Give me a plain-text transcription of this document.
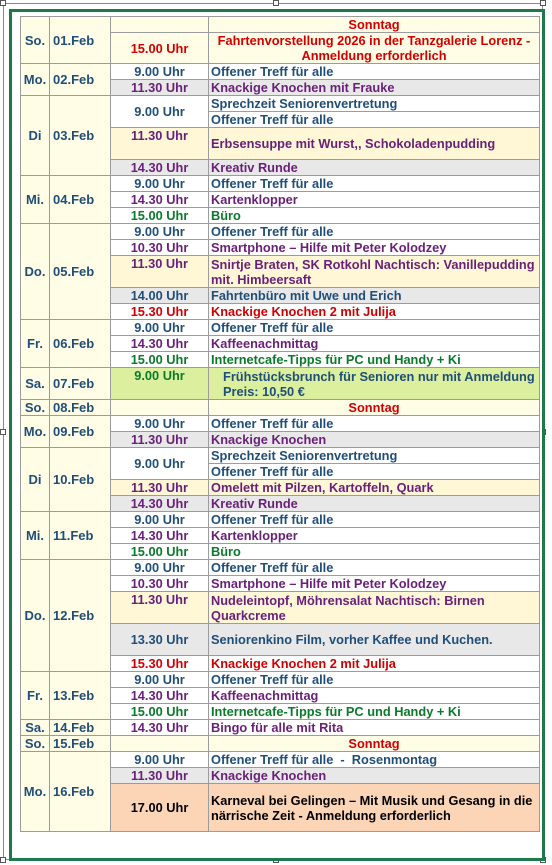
So.	01.Feb		Sonntag
		15.00 Uhr	Fahrtenvorstellung 2026 in der Tanzgalerie Lorenz - Anmeldung erforderlich
Mo.	02.Feb	9.00 Uhr	Offener Treff für alle
		11.30 Uhr	Knackige Knochen mit Frauke
Di	03.Feb	9.00 Uhr	Sprechzeit Seniorenvertretung
			Offener Treff für alle
		11.30 Uhr	Erbsensuppe mit Wurst,, Schokoladenpudding

		14.30 Uhr	Kreativ Runde
Mi.	04.Feb	9.00 Uhr	Offener Treff für alle
		14.30 Uhr	Kartenklopper
		15.00 Uhr	Büro
Do.	05.Feb	9.00 Uhr	Offener Treff für alle
		10.30 Uhr	Smartphone – Hilfe mit Peter Kolodzey
		11.30 Uhr	Snirtje Braten, SK Rotkohl Nachtisch: Vanillepudding mit. Himbeersaft

		14.00 Uhr	Fahrtenbüro mit Uwe und Erich
		15.30 Uhr	Knackige Knochen 2 mit Julija
Fr.	06.Feb	9.00 Uhr	Offener Treff für alle
		14.30 Uhr	Kaffeenachmittag
		15.00 Uhr	Internetcafe-Tipps für PC und Handy + Ki
Sa.	07.Feb	9.00 Uhr	Frühstücksbrunch für Senioren nur mit Anmeldung Preis: 10,50 €

So.	08.Feb		Sonntag
Mo.	09.Feb	9.00 Uhr	Offener Treff für alle
		11.30 Uhr	Knackige Knochen
Di	10.Feb	9.00 Uhr	Sprechzeit Seniorenvertretung
			Offener Treff für alle
		11.30 Uhr	Omelett mit Pilzen, Kartoffeln, Quark
		14.30 Uhr	Kreativ Runde
Mi.	11.Feb	9.00 Uhr	Offener Treff für alle
		14.30 Uhr	Kartenklopper
		15.00 Uhr	Büro
Do.	12.Feb	9.00 Uhr	Offener Treff für alle
		10.30 Uhr	Smartphone – Hilfe mit Peter Kolodzey
		11.30 Uhr	Nudeleintopf, Möhrensalat Nachtisch: Birnen Quarkcreme

		13.30 Uhr	Seniorenkino Film, vorher Kaffee und Kuchen.

		15.30 Uhr	Knackige Knochen 2 mit Julija
Fr.	13.Feb	9.00 Uhr	Offener Treff für alle
		14.30 Uhr	Kaffeenachmittag
		15.00 Uhr	Internetcafe-Tipps für PC und Handy + Ki
Sa.	14.Feb	14.30 Uhr	Bingo für alle mit Rita
So.	15.Feb		Sonntag
Mo.	16.Feb	9.00 Uhr	Offener Treff für alle  -  Rosenmontag
		11.30 Uhr	Knackige Knochen
		17.00 Uhr	Karneval bei Gelingen – Mit Musik und Gesang in die närrische Zeit - Anmeldung erforderlich
